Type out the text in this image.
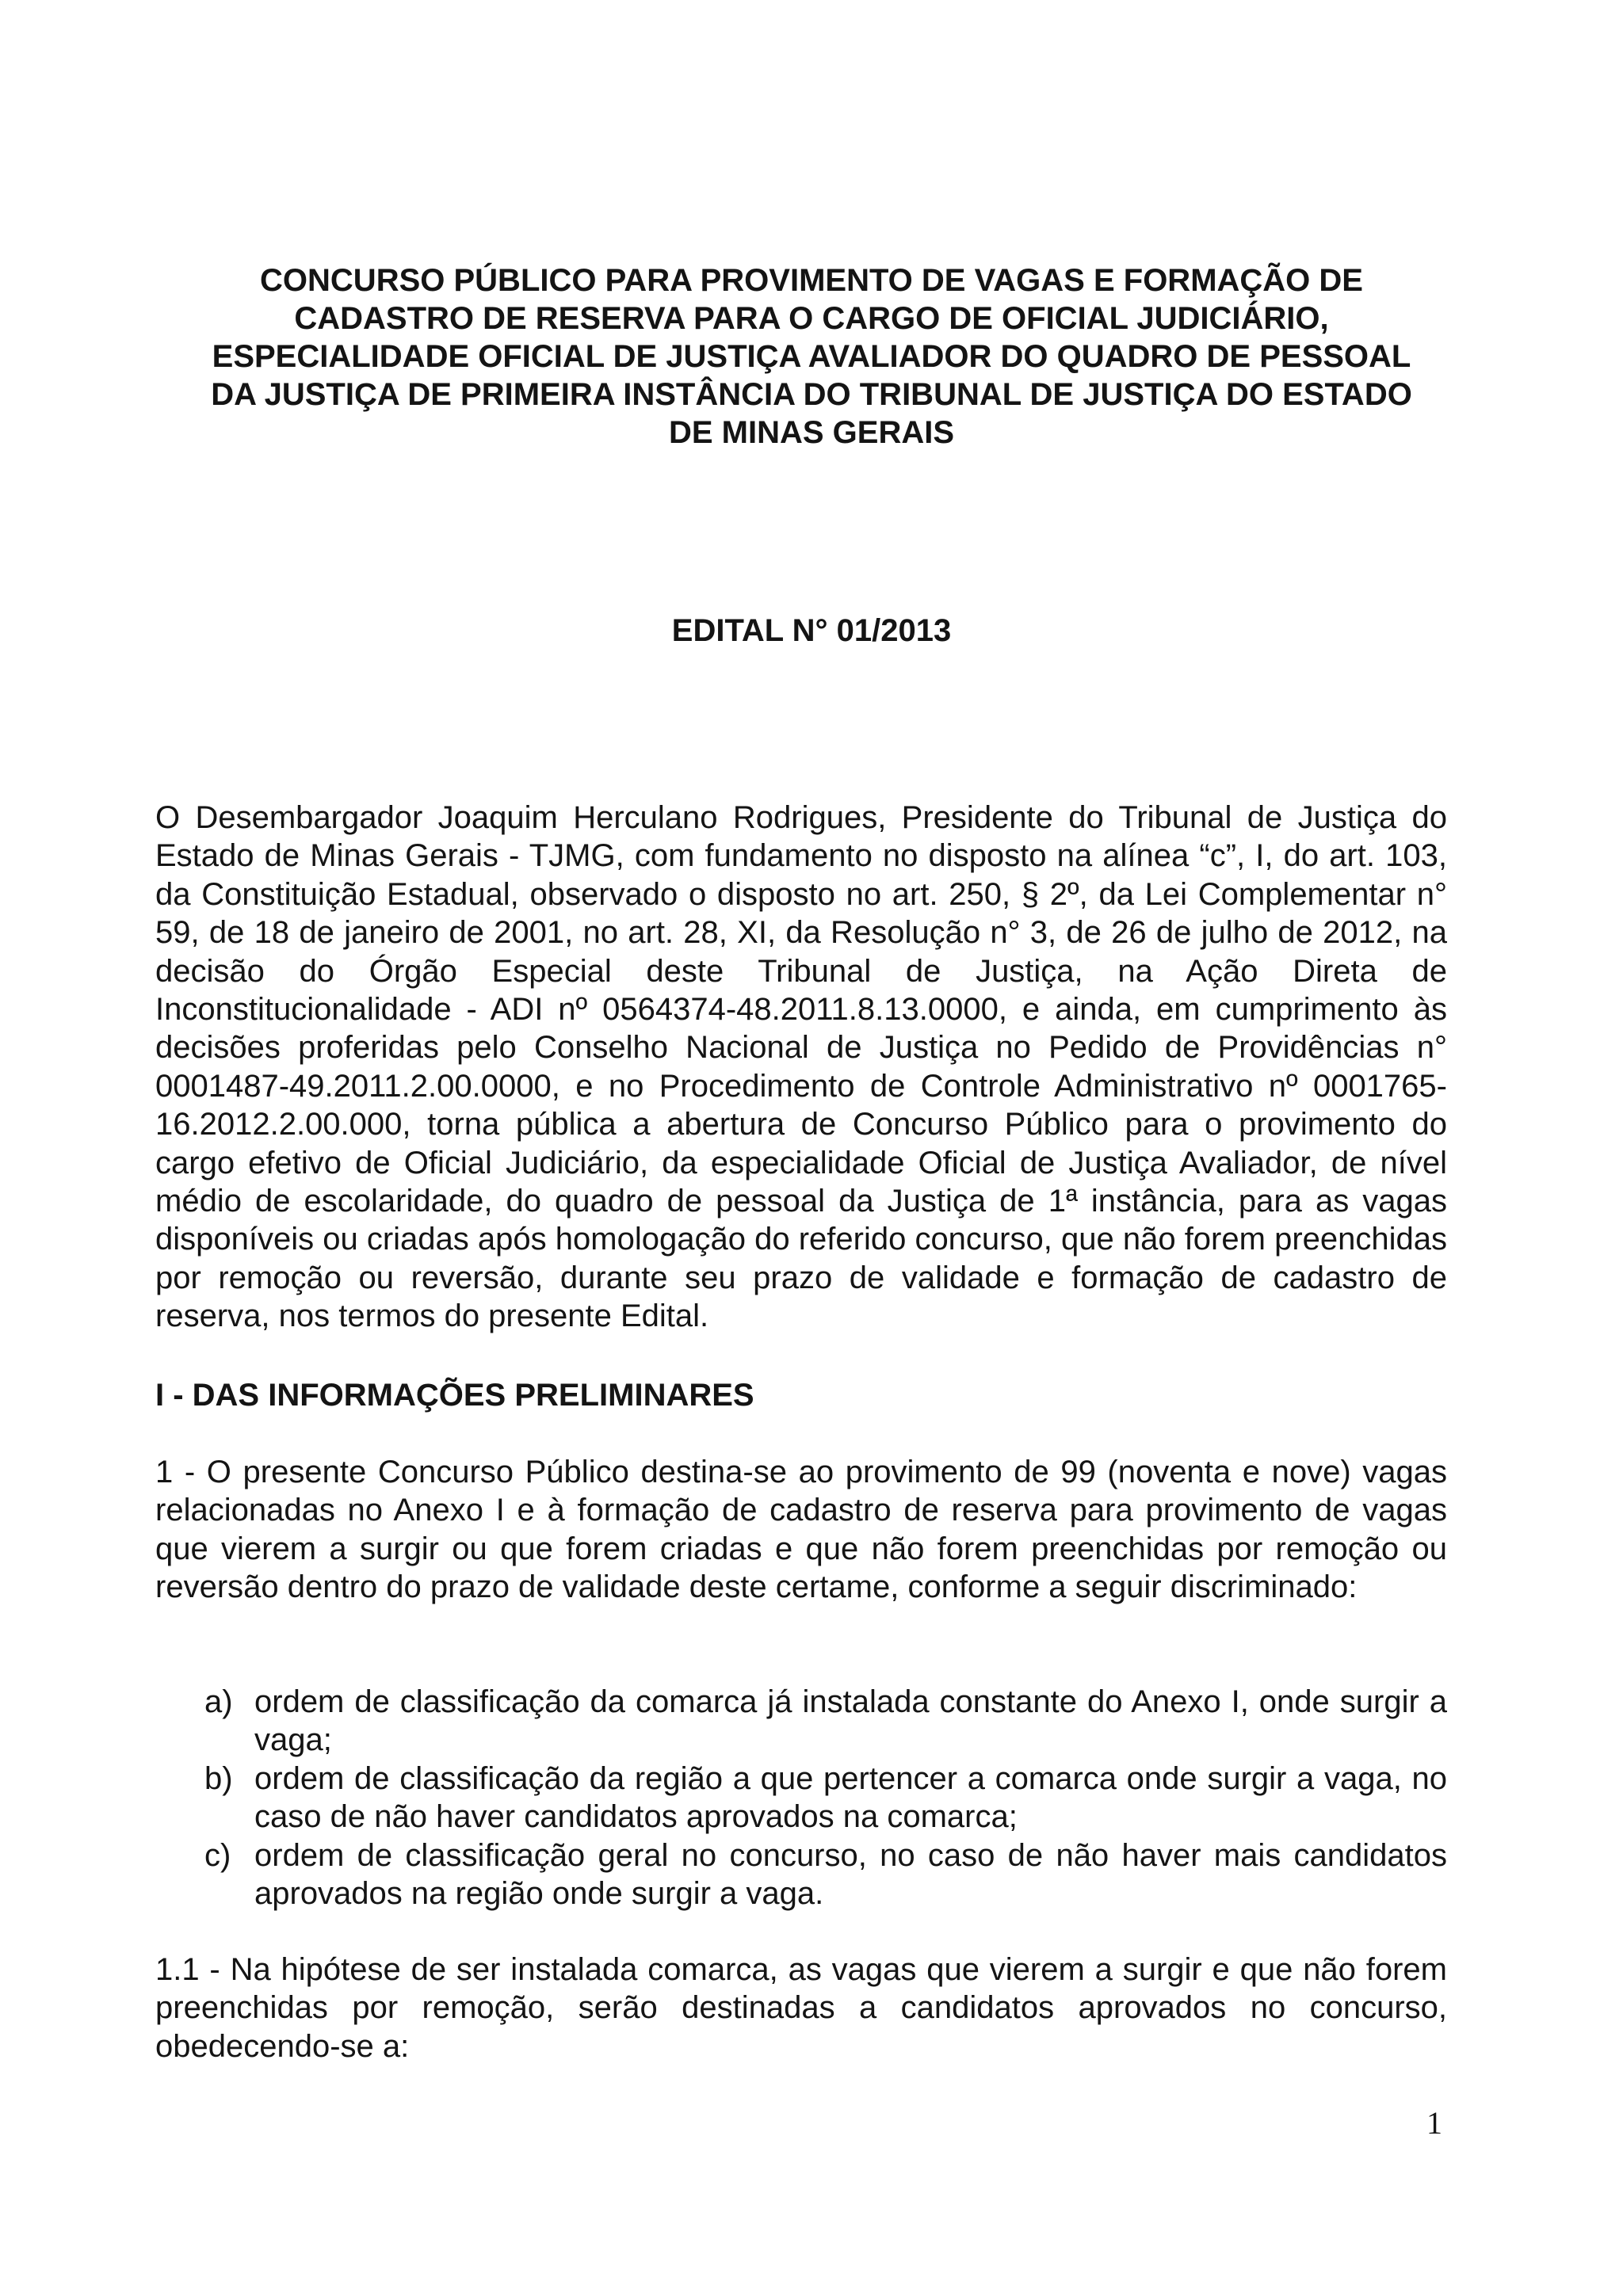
CONCURSO PÚBLICO PARA PROVIMENTO DE VAGAS E FORMAÇÃO DE
CADASTRO DE RESERVA PARA O CARGO DE OFICIAL JUDICIÁRIO,
ESPECIALIDADE OFICIAL DE JUSTIÇA AVALIADOR DO QUADRO DE PESSOAL
DA JUSTIÇA DE PRIMEIRA INSTÂNCIA DO TRIBUNAL DE JUSTIÇA DO ESTADO
DE MINAS GERAIS
EDITAL N° 01/2013

O Desembargador Joaquim Herculano Rodrigues, Presidente do Tribunal de Justiça do Estado de Minas Gerais - TJMG, com fundamento no disposto na alínea “c”, I, do art. 103, da Constituição Estadual, observado o disposto no art. 250, § 2º, da Lei Complementar n° 59, de 18 de janeiro de 2001, no art. 28, XI, da Resolução n° 3, de 26 de julho de 2012, na decisão do Órgão Especial deste Tribunal de Justiça, na Ação Direta de Inconstitucionalidade - ADI nº 0564374-48.2011.8.13.0000, e ainda, em cumprimento às decisões proferidas pelo Conselho Nacional de Justiça no Pedido de Providências n° 0001487-49.2011.2.00.0000, e no Procedimento de Controle Administrativo nº 0001765-16.2012.2.00.000, torna pública a abertura de Concurso Público para o provimento do cargo efetivo de Oficial Judiciário, da especialidade Oficial de Justiça Avaliador, de nível médio de escolaridade, do quadro de pessoal da Justiça de 1ª instância, para as vagas disponíveis ou criadas após homologação do referido concurso, que não forem preenchidas por remoção ou reversão, durante seu prazo de validade e formação de cadastro de reserva, nos termos do presente Edital.

I - DAS INFORMAÇÕES PRELIMINARES

1 - O presente Concurso Público destina-se ao provimento de 99 (noventa e nove) vagas relacionadas no Anexo I e à formação de cadastro de reserva para provimento de vagas que vierem a surgir ou que forem criadas e que não forem preenchidas por remoção ou reversão dentro do prazo de validade deste certame, conforme a seguir discriminado:

a) ordem de classificação da comarca já instalada constante do Anexo I, onde surgir a vaga;
b) ordem de classificação da região a que pertencer a comarca onde surgir a vaga, no caso de não haver candidatos aprovados na comarca;
c) ordem de classificação geral no concurso, no caso de não haver mais candidatos aprovados na região onde surgir a vaga.

1.1 - Na hipótese de ser instalada comarca, as vagas que vierem a surgir e que não forem preenchidas por remoção, serão destinadas a candidatos aprovados no concurso, obedecendo-se a:

1
